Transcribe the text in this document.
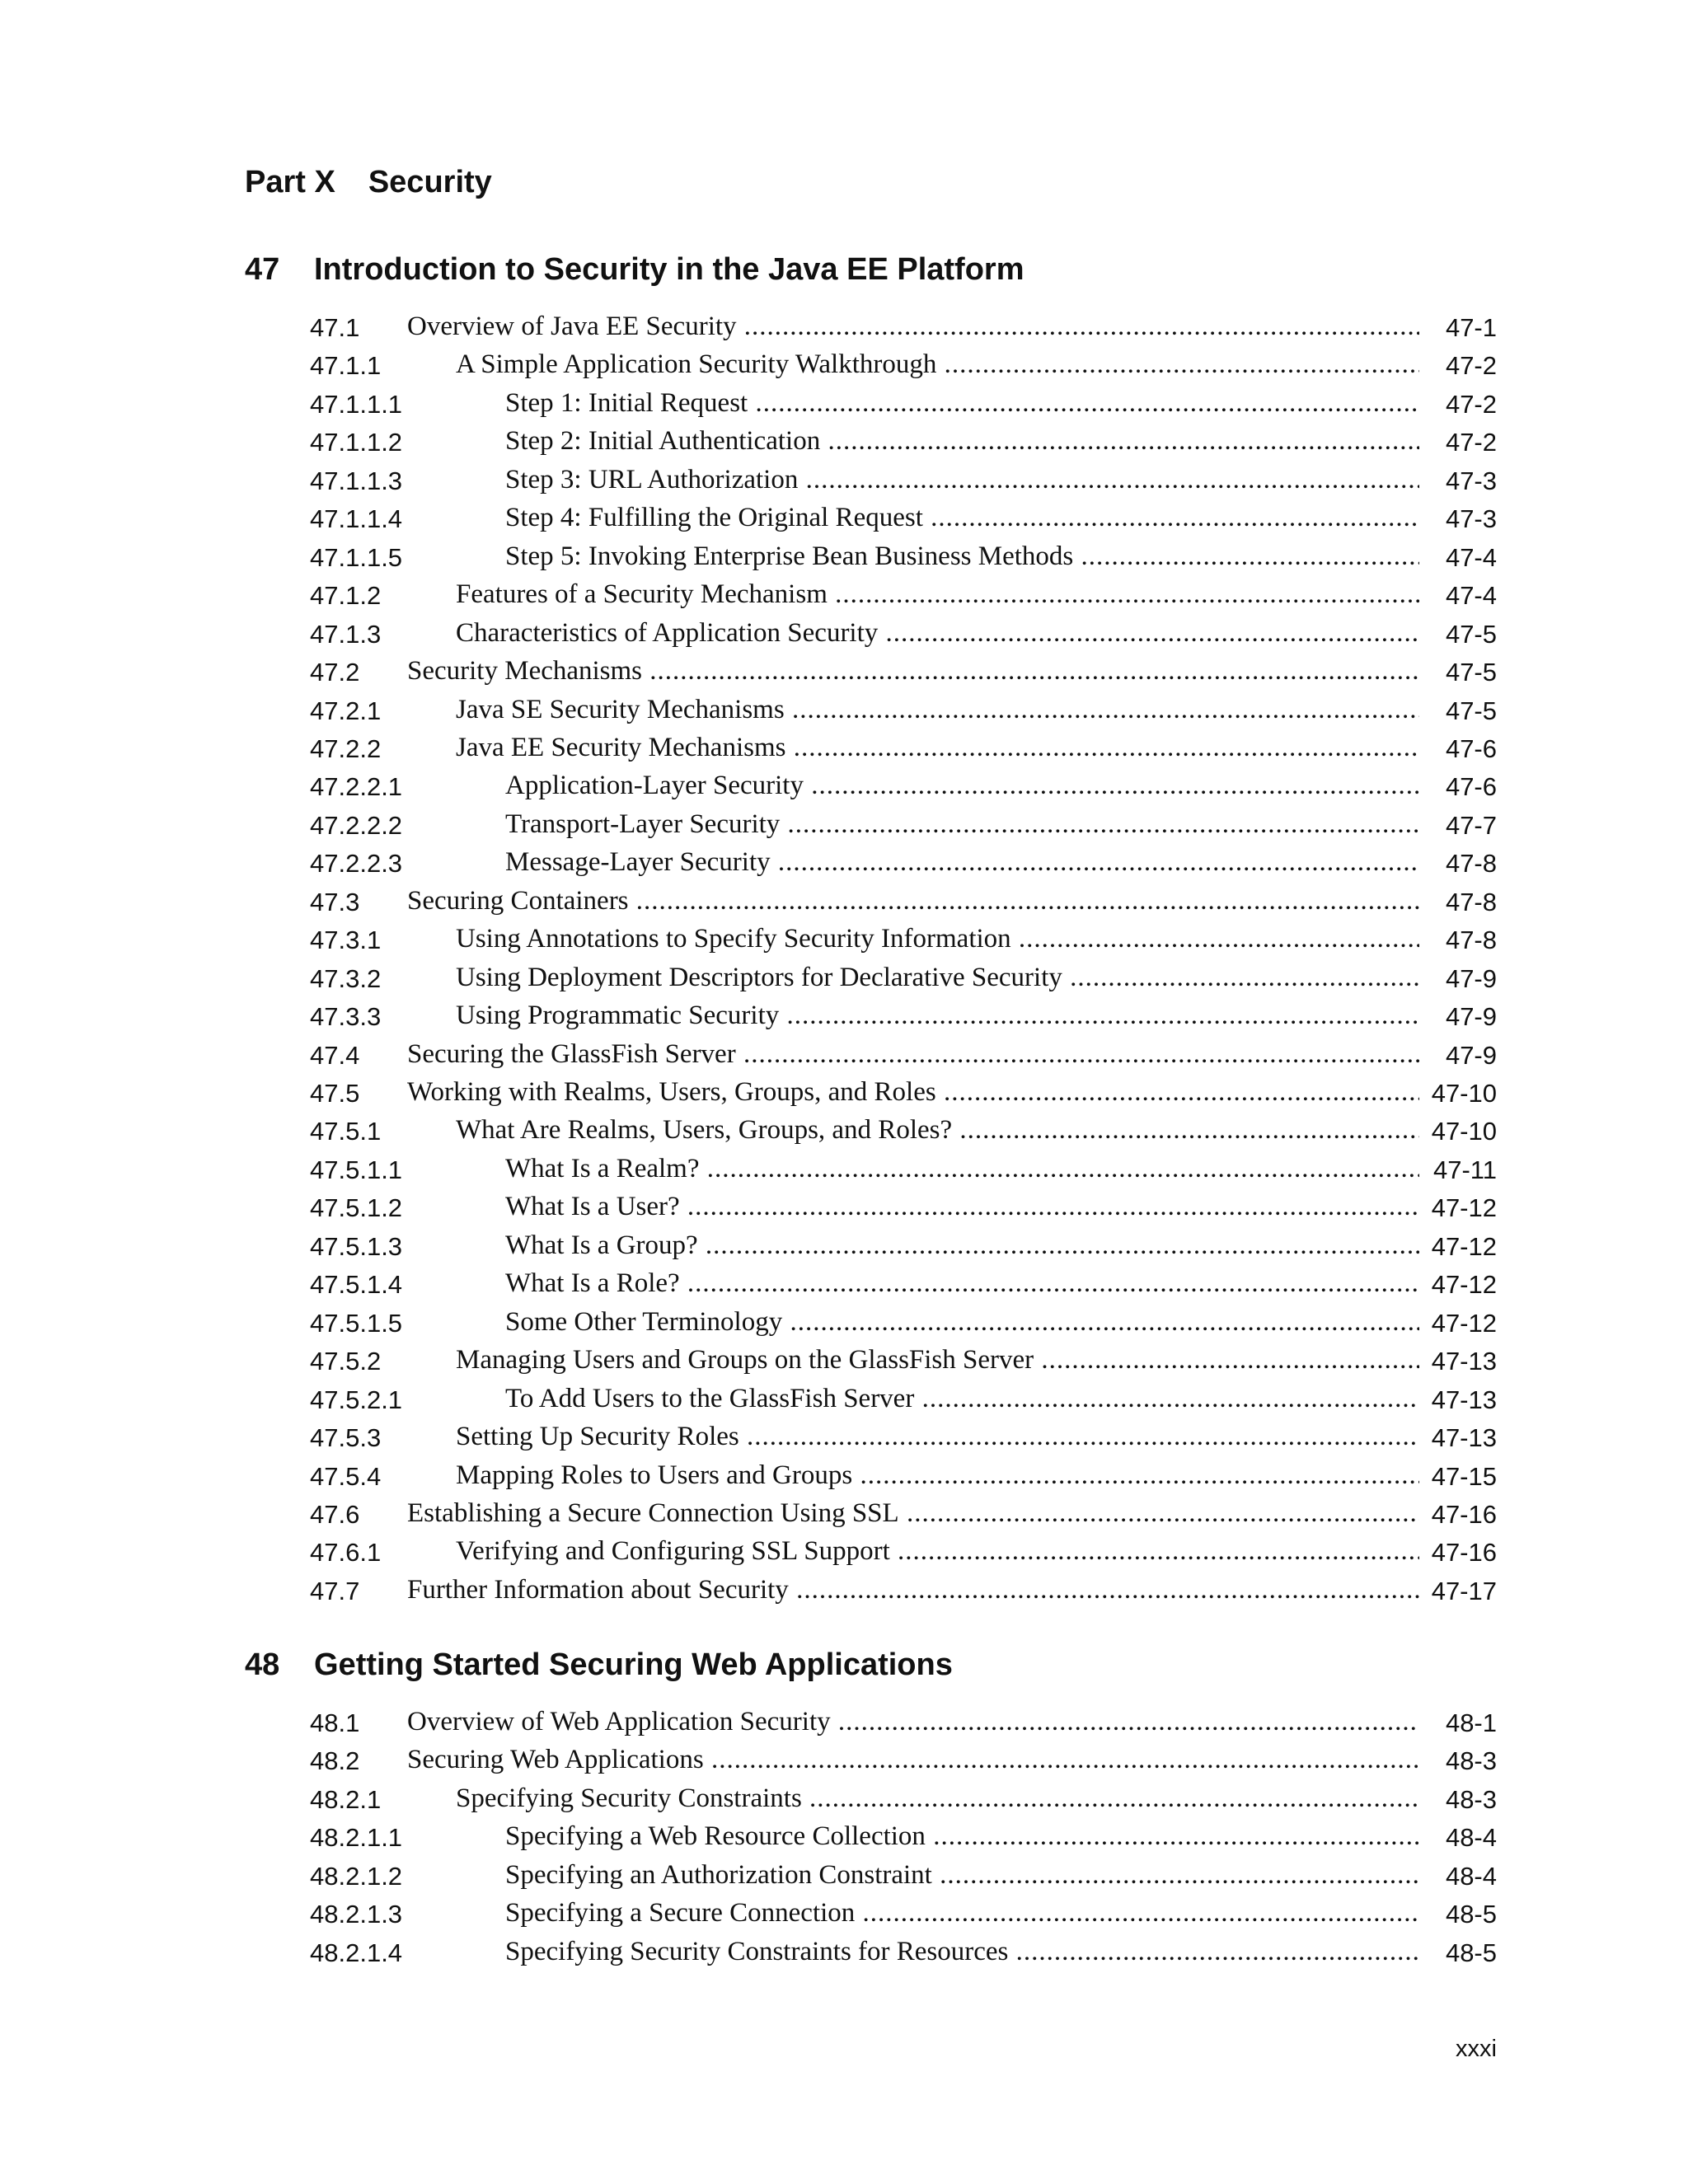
Part X Security
47 Introduction to Security in the Java EE Platform
47.1 Overview of Java EE Security .....	47-1
47.1.1	A Simple Application Security Walkthrough .....	47-2
47.1.1.1	Step 1: Initial Request .....	47-2
47.1.1.2	Step 2: Initial Authentication .....	47-2
47.1.1.3	Step 3: URL Authorization .....	47-3
47.1.1.4	Step 4: Fulfilling the Original Request .....	47-3
47.1.1.5	Step 5: Invoking Enterprise Bean Business Methods .....	47-4
47.1.2	Features of a Security Mechanism .....	47-4
47.1.3	Characteristics of Application Security .....	47-5
47.2 Security Mechanisms .....	47-5
47.2.1	Java SE Security Mechanisms .....	47-5
47.2.2	Java EE Security Mechanisms .....	47-6
47.2.2.1	Application-Layer Security .....	47-6
47.2.2.2	Transport-Layer Security .....	47-7
47.2.2.3	Message-Layer Security .....	47-8
47.3 Securing Containers .....	47-8
47.3.1	Using Annotations to Specify Security Information .....	47-8
47.3.2	Using Deployment Descriptors for Declarative Security .....	47-9
47.3.3	Using Programmatic Security .....	47-9
47.4 Securing the GlassFish Server .....	47-9
47.5 Working with Realms, Users, Groups, and Roles .....	47-10
47.5.1	What Are Realms, Users, Groups, and Roles? .....	47-10
47.5.1.1	What Is a Realm? .....	47-11
47.5.1.2	What Is a User? .....	47-12
47.5.1.3	What Is a Group? .....	47-12
47.5.1.4	What Is a Role? .....	47-12
47.5.1.5	Some Other Terminology .....	47-12
47.5.2	Managing Users and Groups on the GlassFish Server .....	47-13
47.5.2.1	To Add Users to the GlassFish Server .....	47-13
47.5.3	Setting Up Security Roles .....	47-13
47.5.4	Mapping Roles to Users and Groups .....	47-15
47.6 Establishing a Secure Connection Using SSL .....	47-16
47.6.1	Verifying and Configuring SSL Support .....	47-16
47.7 Further Information about Security .....	47-17
48 Getting Started Securing Web Applications
48.1 Overview of Web Application Security .....	48-1
48.2 Securing Web Applications .....	48-3
48.2.1	Specifying Security Constraints .....	48-3
48.2.1.1	Specifying a Web Resource Collection .....	48-4
48.2.1.2	Specifying an Authorization Constraint .....	48-4
48.2.1.3	Specifying a Secure Connection .....	48-5
48.2.1.4	Specifying Security Constraints for Resources .....	48-5
xxxi
